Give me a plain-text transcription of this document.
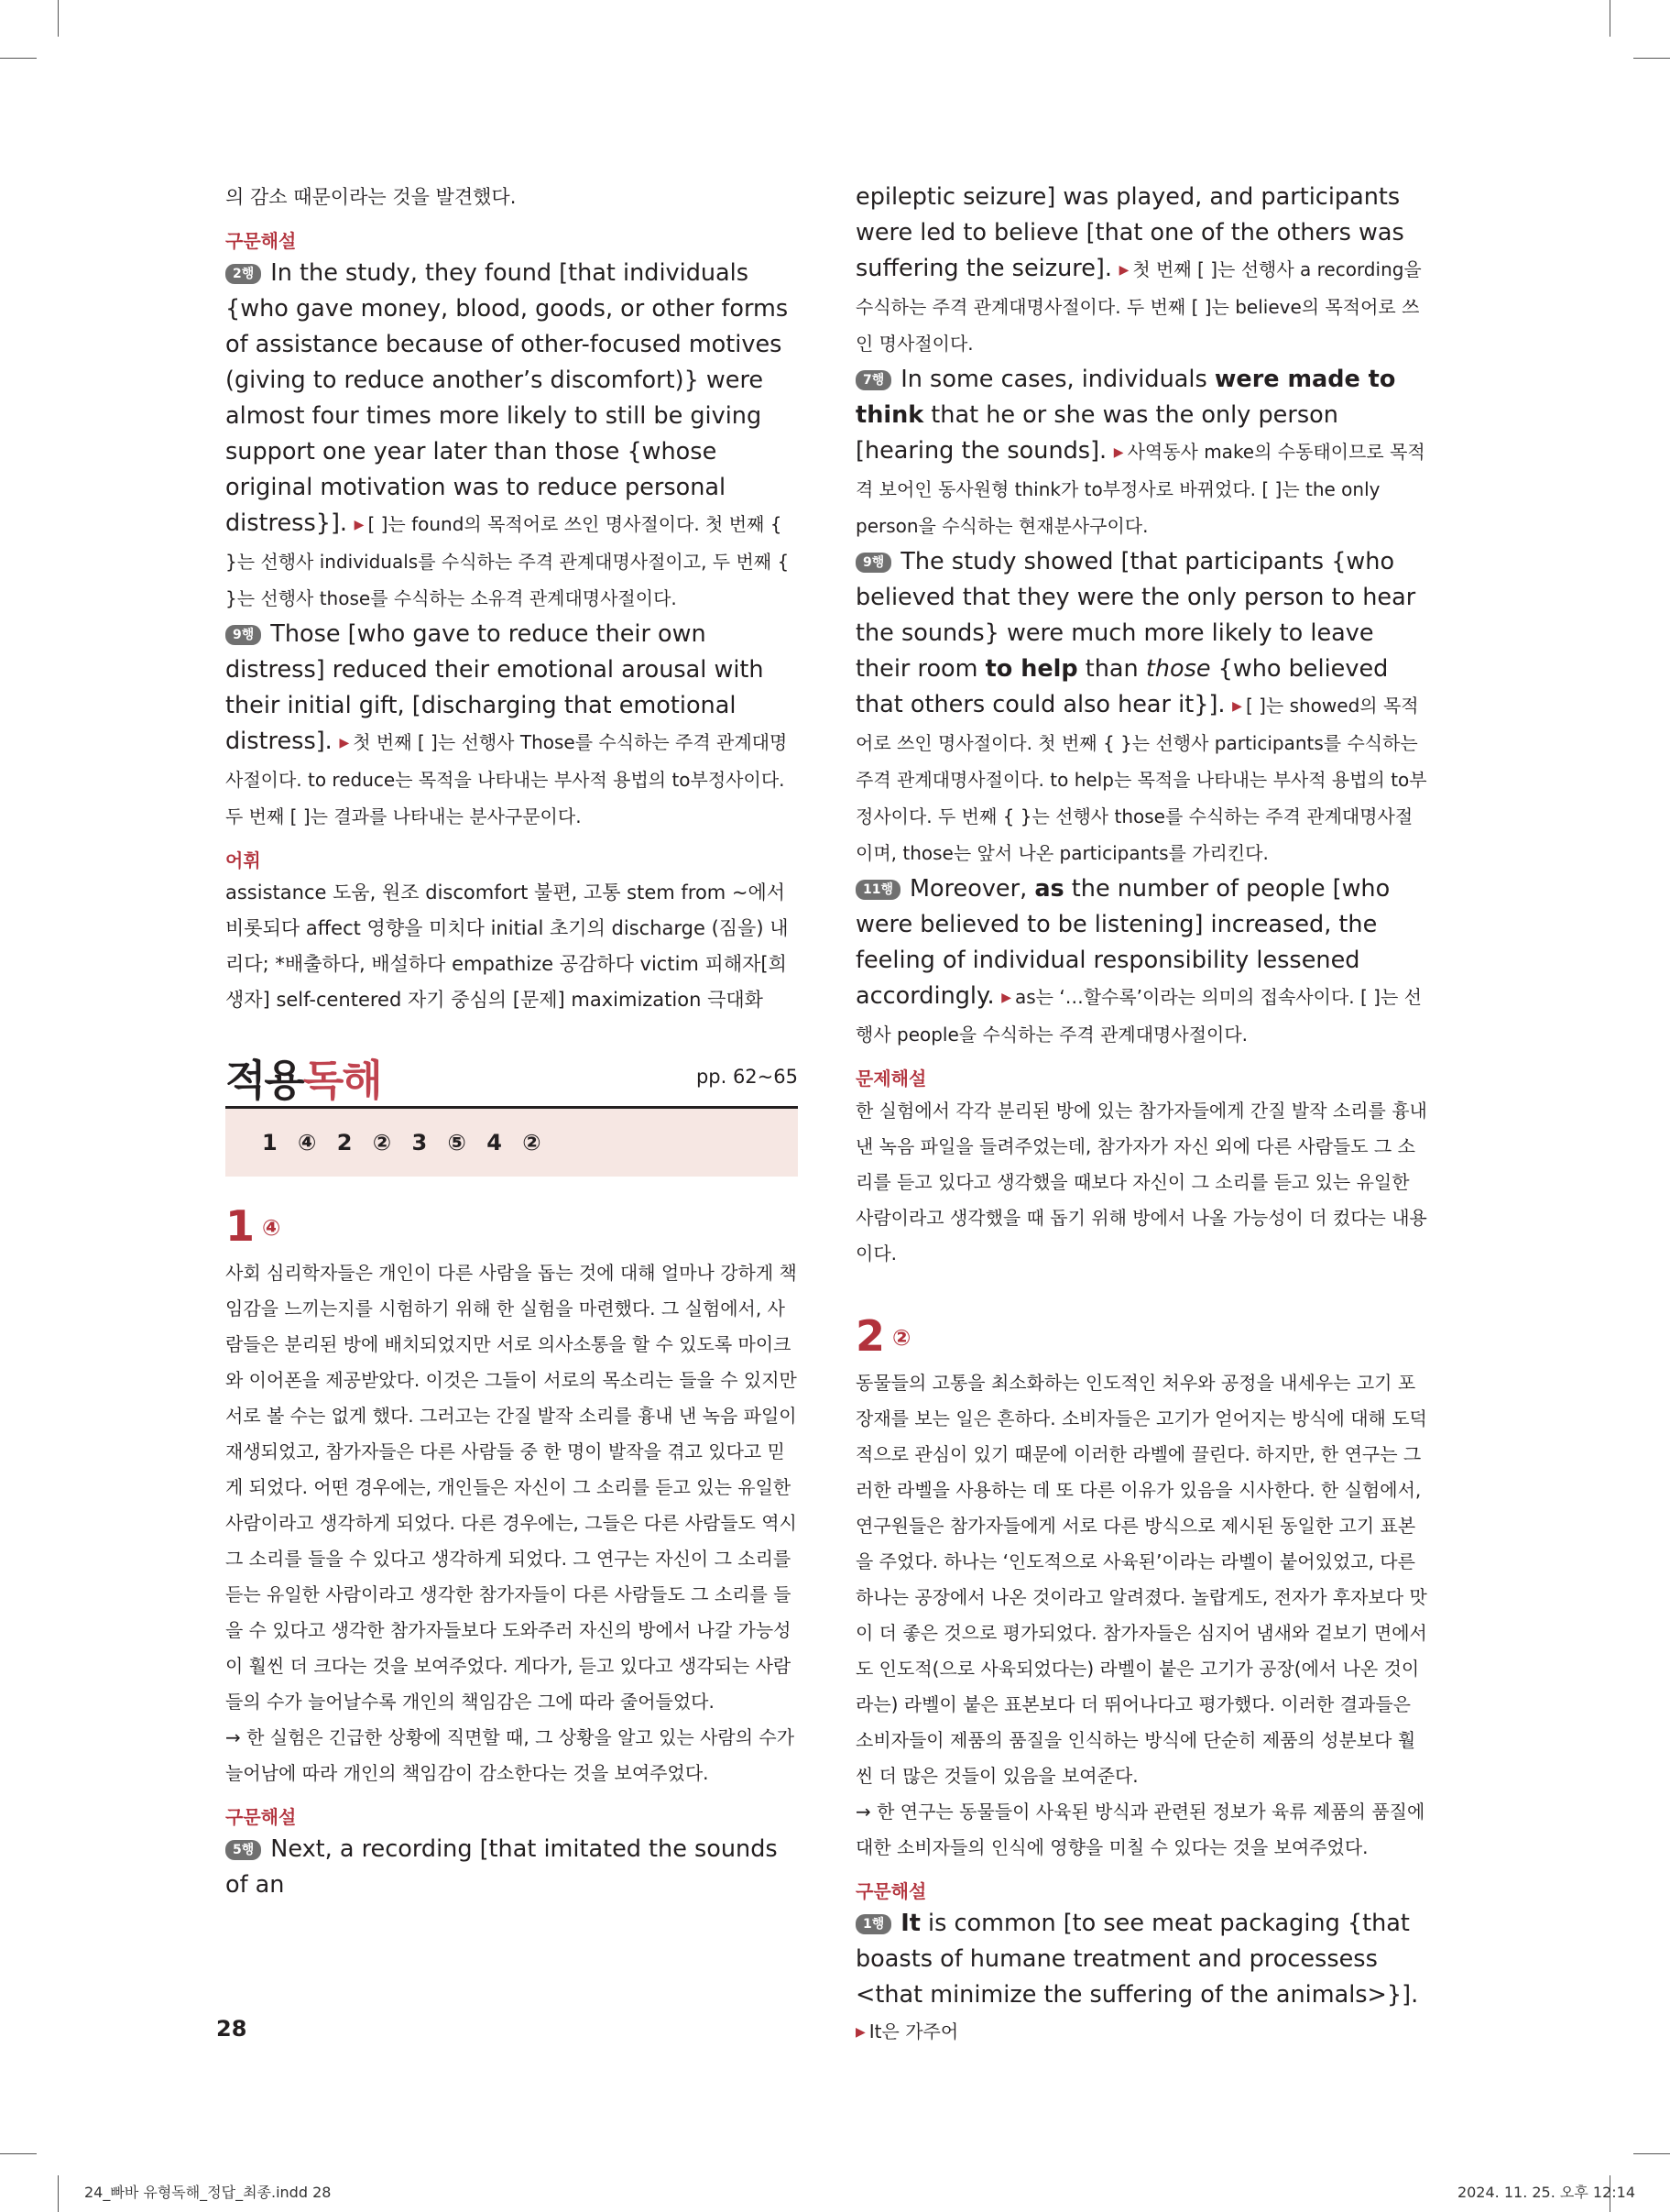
의 감소 때문이라는 것을 발견했다.

구문해설

2행 In the study, they found [that individuals {who gave money, blood, goods, or other forms of assistance because of other-focused motives (giving to reduce another’s discomfort)} were almost four times more likely to still be giving support one year later than those {whose original motivation was to reduce personal distress}]. ▶ [ ]는 found의 목적어로 쓰인 명사절이다. 첫 번째 { }는 선행사 individuals를 수식하는 주격 관계대명사절이고, 두 번째 { }는 선행사 those를 수식하는 소유격 관계대명사절이다.

9행 Those [who gave to reduce their own distress] reduced their emotional arousal with their initial gift, [discharging that emotional distress]. ▶ 첫 번째 [ ]는 선행사 Those를 수식하는 주격 관계대명사절이다. to reduce는 목적을 나타내는 부사적 용법의 to부정사이다. 두 번째 [ ]는 결과를 나타내는 분사구문이다.

어휘

assistance 도움, 원조 discomfort 불편, 고통 stem from ~에서 비롯되다 affect 영향을 미치다 initial 초기의 discharge (짐을) 내리다; *배출하다, 배설하다 empathize 공감하다 victim 피해자[희생자] self-centered 자기 중심의 [문제] maximization 극대화

적용독해	pp. 62~65
1 ④ 2 ② 3 ⑤ 4 ②
1 ④

사회 심리학자들은 개인이 다른 사람을 돕는 것에 대해 얼마나 강하게 책임감을 느끼는지를 시험하기 위해 한 실험을 마련했다. 그 실험에서, 사람들은 분리된 방에 배치되었지만 서로 의사소통을 할 수 있도록 마이크와 이어폰을 제공받았다. 이것은 그들이 서로의 목소리는 들을 수 있지만 서로 볼 수는 없게 했다. 그러고는 간질 발작 소리를 흉내 낸 녹음 파일이 재생되었고, 참가자들은 다른 사람들 중 한 명이 발작을 겪고 있다고 믿게 되었다. 어떤 경우에는, 개인들은 자신이 그 소리를 듣고 있는 유일한 사람이라고 생각하게 되었다. 다른 경우에는, 그들은 다른 사람들도 역시 그 소리를 들을 수 있다고 생각하게 되었다. 그 연구는 자신이 그 소리를 듣는 유일한 사람이라고 생각한 참가자들이 다른 사람들도 그 소리를 들을 수 있다고 생각한 참가자들보다 도와주러 자신의 방에서 나갈 가능성이 훨씬 더 크다는 것을 보여주었다. 게다가, 듣고 있다고 생각되는 사람들의 수가 늘어날수록 개인의 책임감은 그에 따라 줄어들었다.

→ 한 실험은 긴급한 상황에 직면할 때, 그 상황을 알고 있는 사람의 수가 늘어남에 따라 개인의 책임감이 감소한다는 것을 보여주었다.

구문해설

5행 Next, a recording [that imitated the sounds of an

epileptic seizure] was played, and participants were led to believe [that one of the others was suffering the seizure]. ▶ 첫 번째 [ ]는 선행사 a recording을 수식하는 주격 관계대명사절이다. 두 번째 [ ]는 believe의 목적어로 쓰인 명사절이다.

7행 In some cases, individuals were made to think that he or she was the only person [hearing the sounds]. ▶ 사역동사 make의 수동태이므로 목적격 보어인 동사원형 think가 to부정사로 바뀌었다. [ ]는 the only person을 수식하는 현재분사구이다.

9행 The study showed [that participants {who believed that they were the only person to hear the sounds} were much more likely to leave their room to help than those {who believed that others could also hear it}]. ▶ [ ]는 showed의 목적어로 쓰인 명사절이다. 첫 번째 { }는 선행사 participants를 수식하는 주격 관계대명사절이다. to help는 목적을 나타내는 부사적 용법의 to부정사이다. 두 번째 { }는 선행사 those를 수식하는 주격 관계대명사절이며, those는 앞서 나온 participants를 가리킨다.

11행 Moreover, as the number of people [who were believed to be listening] increased, the feeling of individual responsibility lessened accordingly. ▶ as는 ‘…할수록’이라는 의미의 접속사이다. [ ]는 선행사 people을 수식하는 주격 관계대명사절이다.

문제해설

한 실험에서 각각 분리된 방에 있는 참가자들에게 간질 발작 소리를 흉내 낸 녹음 파일을 들려주었는데, 참가자가 자신 외에 다른 사람들도 그 소리를 듣고 있다고 생각했을 때보다 자신이 그 소리를 듣고 있는 유일한 사람이라고 생각했을 때 돕기 위해 방에서 나올 가능성이 더 컸다는 내용이다.

2 ②

동물들의 고통을 최소화하는 인도적인 처우와 공정을 내세우는 고기 포장재를 보는 일은 흔하다. 소비자들은 고기가 얻어지는 방식에 대해 도덕적으로 관심이 있기 때문에 이러한 라벨에 끌린다. 하지만, 한 연구는 그러한 라벨을 사용하는 데 또 다른 이유가 있음을 시사한다. 한 실험에서, 연구원들은 참가자들에게 서로 다른 방식으로 제시된 동일한 고기 표본을 주었다. 하나는 ‘인도적으로 사육된’이라는 라벨이 붙어있었고, 다른 하나는 공장에서 나온 것이라고 알려졌다. 놀랍게도, 전자가 후자보다 맛이 더 좋은 것으로 평가되었다. 참가자들은 심지어 냄새와 겉보기 면에서도 인도적(으로 사육되었다는) 라벨이 붙은 고기가 공장(에서 나온 것이라는) 라벨이 붙은 표본보다 더 뛰어나다고 평가했다. 이러한 결과들은 소비자들이 제품의 품질을 인식하는 방식에 단순히 제품의 성분보다 훨씬 더 많은 것들이 있음을 보여준다.

→ 한 연구는 동물들이 사육된 방식과 관련된 정보가 육류 제품의 품질에 대한 소비자들의 인식에 영향을 미칠 수 있다는 것을 보여주었다.

구문해설

1행 It is common [to see meat packaging {that boasts of humane treatment and processess <that minimize the suffering of the animals>}]. ▶ It은 가주어

28
24_빠바 유형독해_정답_최종.indd 28	2024. 11. 25. 오후 12:14
